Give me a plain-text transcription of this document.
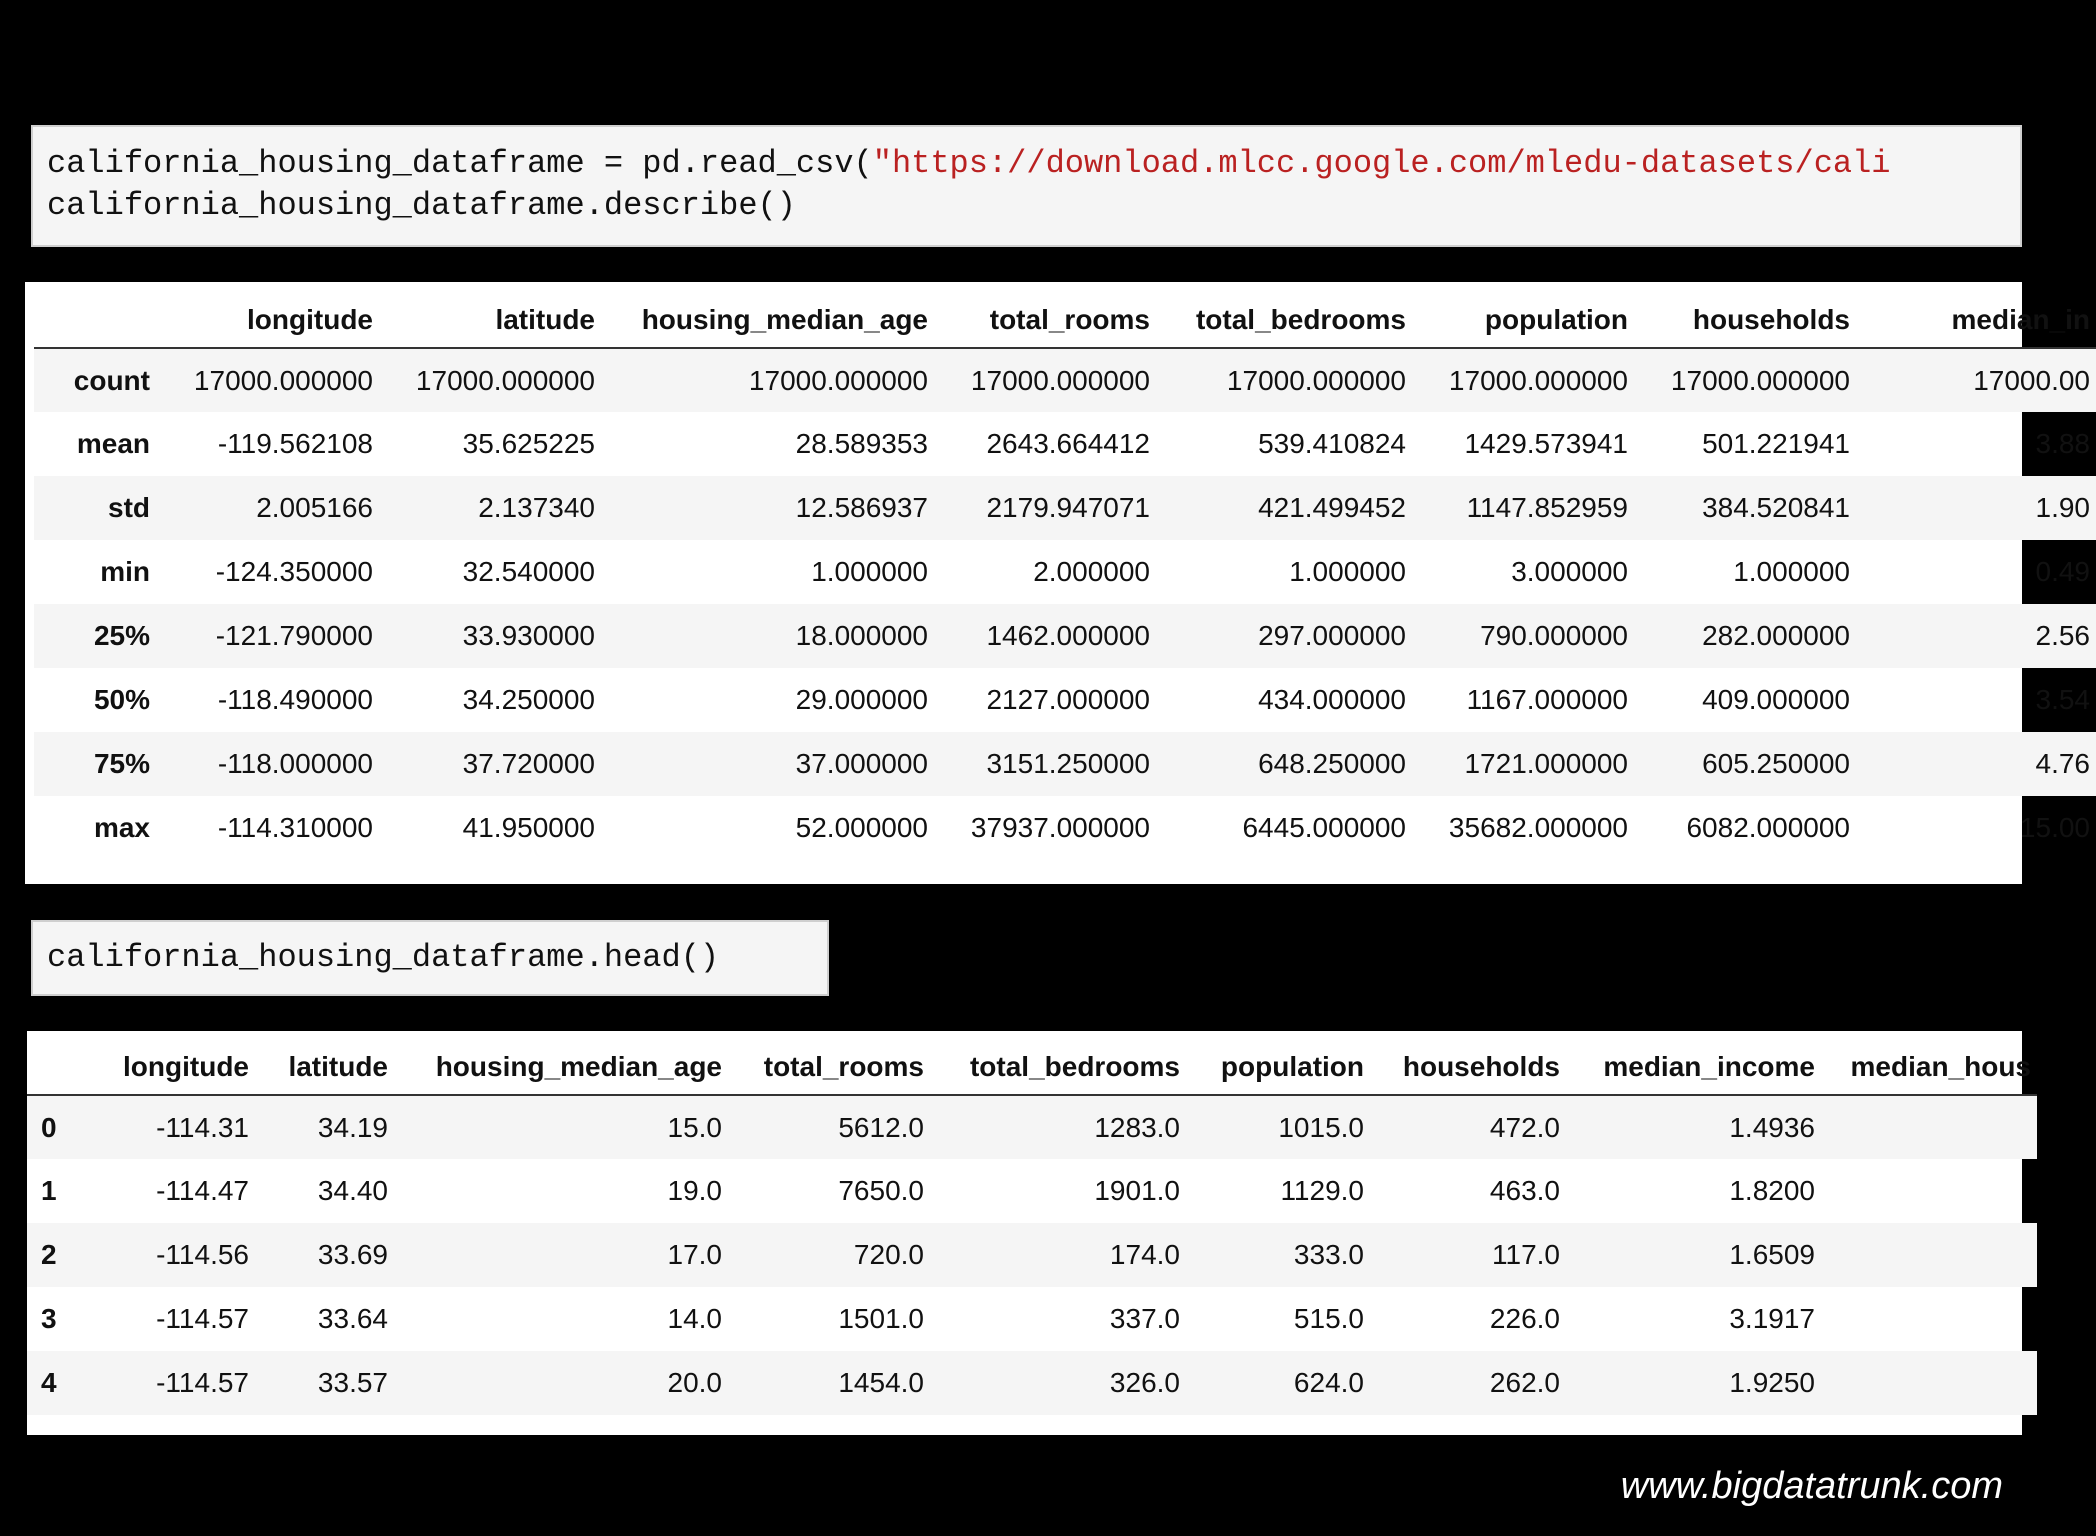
california_housing_dataframe = pd.read_csv("https://download.mlcc.google.com/mledu-datasets/cali
california_housing_dataframe.describe()
	longitude	latitude	housing_median_age	total_rooms	total_bedrooms	population	households	median_in
count	17000.000000	17000.000000	17000.000000	17000.000000	17000.000000	17000.000000	17000.000000	17000.00
mean	-119.562108	35.625225	28.589353	2643.664412	539.410824	1429.573941	501.221941	3.88
std	2.005166	2.137340	12.586937	2179.947071	421.499452	1147.852959	384.520841	1.90
min	-124.350000	32.540000	1.000000	2.000000	1.000000	3.000000	1.000000	0.49
25%	-121.790000	33.930000	18.000000	1462.000000	297.000000	790.000000	282.000000	2.56
50%	-118.490000	34.250000	29.000000	2127.000000	434.000000	1167.000000	409.000000	3.54
75%	-118.000000	37.720000	37.000000	3151.250000	648.250000	1721.000000	605.250000	4.76
max	-114.310000	41.950000	52.000000	37937.000000	6445.000000	35682.000000	6082.000000	15.00
california_housing_dataframe.head()
	longitude	latitude	housing_median_age	total_rooms	total_bedrooms	population	households	median_income	median_hous
0	-114.31	34.19	15.0	5612.0	1283.0	1015.0	472.0	1.4936	
1	-114.47	34.40	19.0	7650.0	1901.0	1129.0	463.0	1.8200	
2	-114.56	33.69	17.0	720.0	174.0	333.0	117.0	1.6509	
3	-114.57	33.64	14.0	1501.0	337.0	515.0	226.0	3.1917	
4	-114.57	33.57	20.0	1454.0	326.0	624.0	262.0	1.9250	
www.bigdatatrunk.com
